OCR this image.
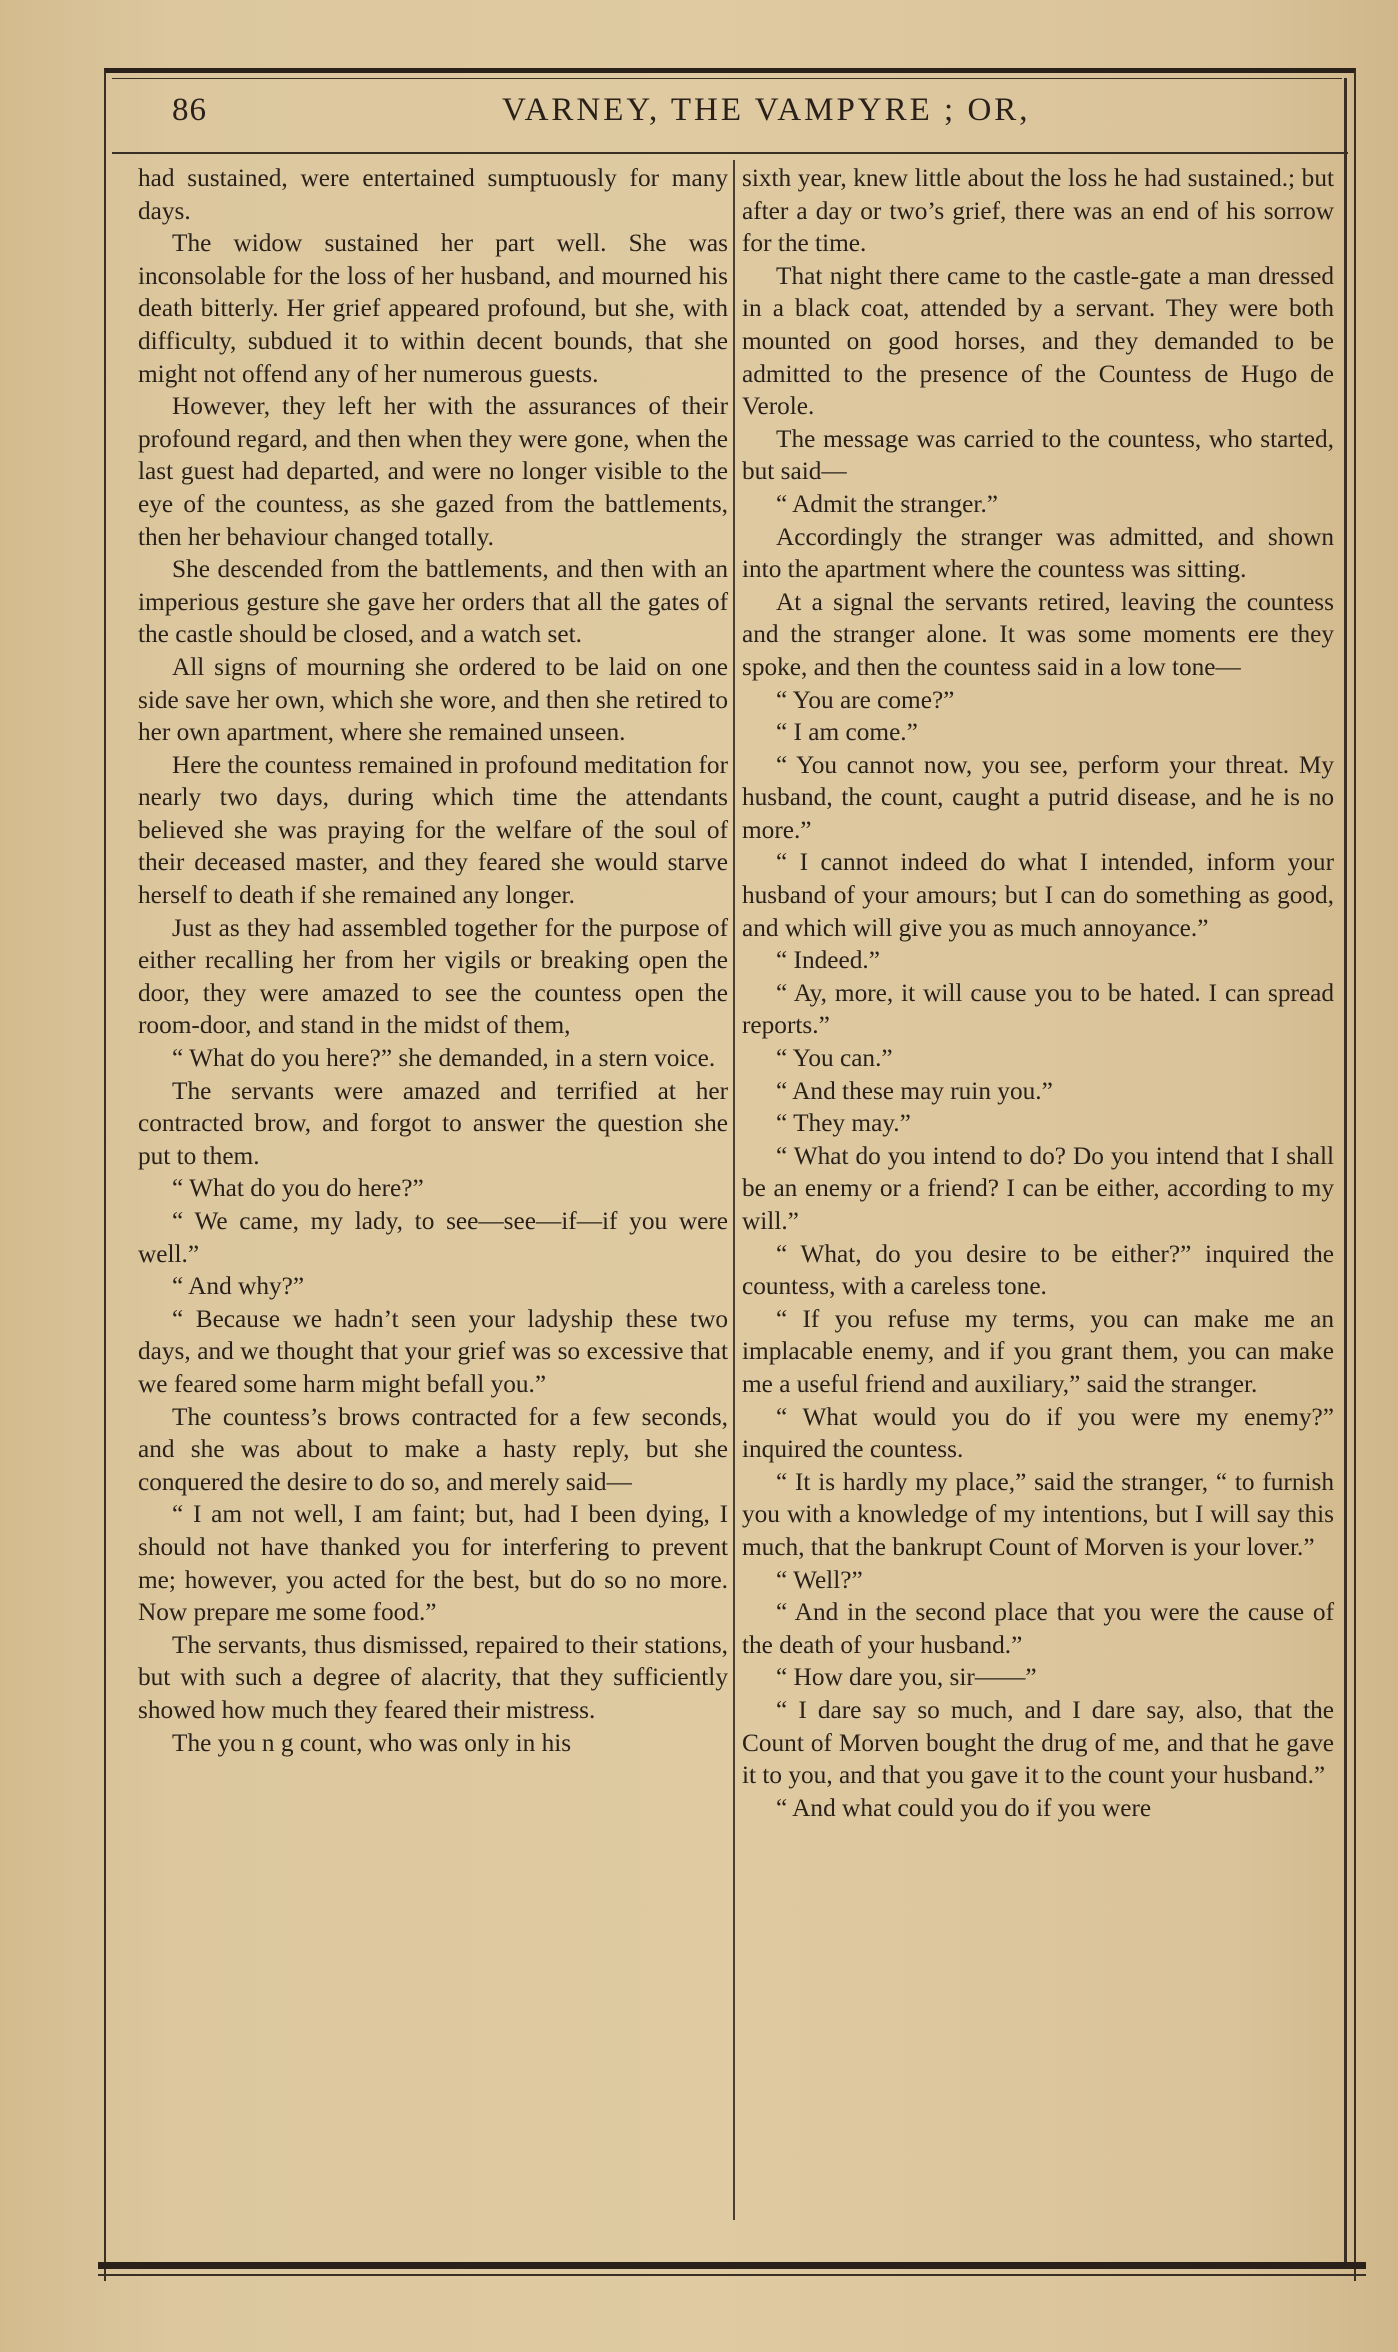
86	VARNEY, THE VAMPYRE ; OR,

had sustained, were entertained sumptuously for many days.

The widow sustained her part well. She was inconsolable for the loss of her husband, and mourned his death bitterly. Her grief appeared profound, but she, with difficulty, subdued it to within decent bounds, that she might not offend any of her numerous guests.

However, they left her with the assurances of their profound regard, and then when they were gone, when the last guest had departed, and were no longer visible to the eye of the countess, as she gazed from the battlements, then her behaviour changed totally.

She descended from the battlements, and then with an imperious gesture she gave her orders that all the gates of the castle should be closed, and a watch set.

All signs of mourning she ordered to be laid on one side save her own, which she wore, and then she retired to her own apartment, where she remained unseen.

Here the countess remained in profound meditation for nearly two days, during which time the attendants believed she was praying for the welfare of the soul of their deceased master, and they feared she would starve herself to death if she remained any longer.

Just as they had assembled together for the purpose of either recalling her from her vigils or breaking open the door, they were amazed to see the countess open the room-door, and stand in the midst of them,

“ What do you here?” she demanded, in a stern voice.

The servants were amazed and terrified at her contracted brow, and forgot to answer the question she put to them.

“ What do you do here?”

“ We came, my lady, to see—see—if—if you were well.”

“ And why?”

“ Because we hadn’t seen your ladyship these two days, and we thought that your grief was so excessive that we feared some harm might befall you.”

The countess’s brows contracted for a few seconds, and she was about to make a hasty reply, but she conquered the desire to do so, and merely said—

“ I am not well, I am faint; but, had I been dying, I should not have thanked you for interfering to prevent me; however, you acted for the best, but do so no more. Now prepare me some food.”

The servants, thus dismissed, repaired to their stations, but with such a degree of alacrity, that they sufficiently showed how much they feared their mistress.

The you n g count, who was only in his

sixth year, knew little about the loss he had sustained.; but after a day or two’s grief, there was an end of his sorrow for the time.

That night there came to the castle-gate a man dressed in a black coat, attended by a servant. They were both mounted on good horses, and they demanded to be admitted to the presence of the Countess de Hugo de Verole.

The message was carried to the countess, who started, but said—

“ Admit the stranger.”

Accordingly the stranger was admitted, and shown into the apartment where the countess was sitting.

At a signal the servants retired, leaving the countess and the stranger alone. It was some moments ere they spoke, and then the countess said in a low tone—

“ You are come?”

“ I am come.”

“ You cannot now, you see, perform your threat. My husband, the count, caught a putrid disease, and he is no more.”

“ I cannot indeed do what I intended, inform your husband of your amours; but I can do something as good, and which will give you as much annoyance.”

“ Indeed.”

“ Ay, more, it will cause you to be hated. I can spread reports.”

“ You can.”

“ And these may ruin you.”

“ They may.”

“ What do you intend to do? Do you intend that I shall be an enemy or a friend? I can be either, according to my will.”

“ What, do you desire to be either?” inquired the countess, with a careless tone.

“ If you refuse my terms, you can make me an implacable enemy, and if you grant them, you can make me a useful friend and auxiliary,” said the stranger.

“ What would you do if you were my enemy?” inquired the countess.

“ It is hardly my place,” said the stranger, “ to furnish you with a knowledge of my intentions, but I will say this much, that the bankrupt Count of Morven is your lover.”

“ Well?”

“ And in the second place that you were the cause of the death of your husband.”

“ How dare you, sir——”

“ I dare say so much, and I dare say, also, that the Count of Morven bought the drug of me, and that he gave it to you, and that you gave it to the count your husband.”

“ And what could you do if you were
